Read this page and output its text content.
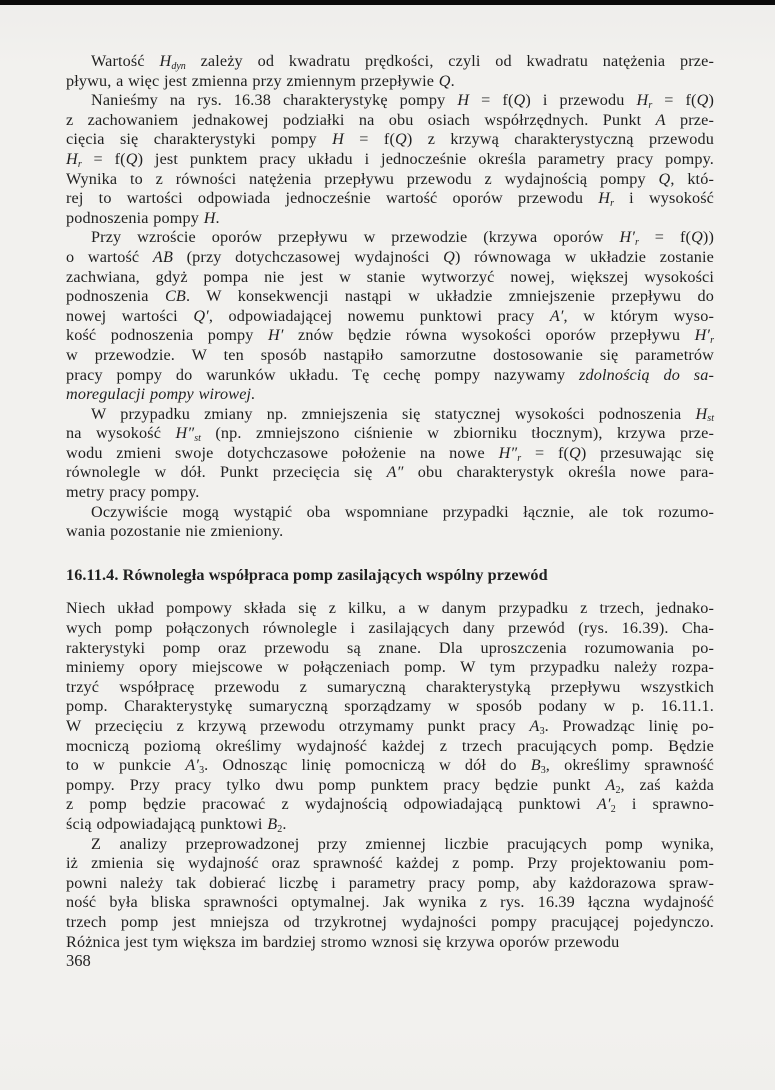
Wartość $H_{dyn}$ zależy od kwadratu prędkości, czyli od kwadratu natężenia prze-
pływu, a więc jest zmienna przy zmiennym przepływie Q.
Nanieśmy na rys. 16.38 charakterystykę pompy H = f(Q) i przewodu $H_r = f(Q)$
z zachowaniem jednakowej podziałki na obu osiach współrzędnych. Punkt A prze-
cięcia się charakterystyki pompy H = f(Q) z krzywą charakterystyczną przewodu
$H_r = f(Q)$ jest punktem pracy układu i jednocześnie określa parametry pracy pompy.
Wynika to z równości natężenia przepływu przewodu z wydajnością pompy Q, któ-
rej to wartości odpowiada jednocześnie wartość oporów przewodu $H_r$ i wysokość
podnoszenia pompy H.
Przy wzroście oporów przepływu w przewodzie (krzywa oporów $H'_r = f(Q)$)
o wartość AB (przy dotychczasowej wydajności Q) równowaga w układzie zostanie
zachwiana, gdyż pompa nie jest w stanie wytworzyć nowej, większej wysokości
podnoszenia CB. W konsekwencji nastąpi w układzie zmniejszenie przepływu do
nowej wartości Q′, odpowiadającej nowemu punktowi pracy A′, w którym wyso-
kość podnoszenia pompy H′ znów będzie równa wysokości oporów przepływu $H'_r$
w przewodzie. W ten sposób nastąpiło samorzutne dostosowanie się parametrów
pracy pompy do warunków układu. Tę cechę pompy nazywamy zdolnością do sa-
moregulacji pompy wirowej.
W przypadku zmiany np. zmniejszenia się statycznej wysokości podnoszenia $H_{st}$
na wysokość $H''_{st}$ (np. zmniejszono ciśnienie w zbiorniku tłocznym), krzywa prze-
wodu zmieni swoje dotychczasowe położenie na nowe $H''_r = f(Q)$ przesuwając się
równolegle w dół. Punkt przecięcia się A″ obu charakterystyk określa nowe para-
metry pracy pompy.
Oczywiście mogą wystąpić oba wspomniane przypadki łącznie, ale tok rozumo-
wania pozostanie nie zmieniony.
16.11.4. Równoległa współpraca pomp zasilających wspólny przewód
Niech układ pompowy składa się z kilku, a w danym przypadku z trzech, jednako-
wych pomp połączonych równolegle i zasilających dany przewód (rys. 16.39). Cha-
rakterystyki pomp oraz przewodu są znane. Dla uproszczenia rozumowania po-
miniemy opory miejscowe w połączeniach pomp. W tym przypadku należy rozpa-
trzyć współpracę przewodu z sumaryczną charakterystyką przepływu wszystkich
pomp. Charakterystykę sumaryczną sporządzamy w sposób podany w p. 16.11.1.
W przecięciu z krzywą przewodu otrzymamy punkt pracy $A_3$. Prowadząc linię po-
mocniczą poziomą określimy wydajność każdej z trzech pracujących pomp. Będzie
to w punkcie $A'_3$. Odnosząc linię pomocniczą w dół do $B_3$, określimy sprawność
pompy. Przy pracy tylko dwu pomp punktem pracy będzie punkt $A_2$, zaś każda
z pomp będzie pracować z wydajnością odpowiadającą punktowi $A'_2$ i sprawno-
ścią odpowiadającą punktowi $B_2$.
Z analizy przeprowadzonej przy zmiennej liczbie pracujących pomp wynika,
iż zmienia się wydajność oraz sprawność każdej z pomp. Przy projektowaniu pom-
powni należy tak dobierać liczbę i parametry pracy pomp, aby każdorazowa spraw-
ność była bliska sprawności optymalnej. Jak wynika z rys. 16.39 łączna wydajność
trzech pomp jest mniejsza od trzykrotnej wydajności pompy pracującej pojedynczo.
Różnica jest tym większa im bardziej stromo wznosi się krzywa oporów przewodu
368
